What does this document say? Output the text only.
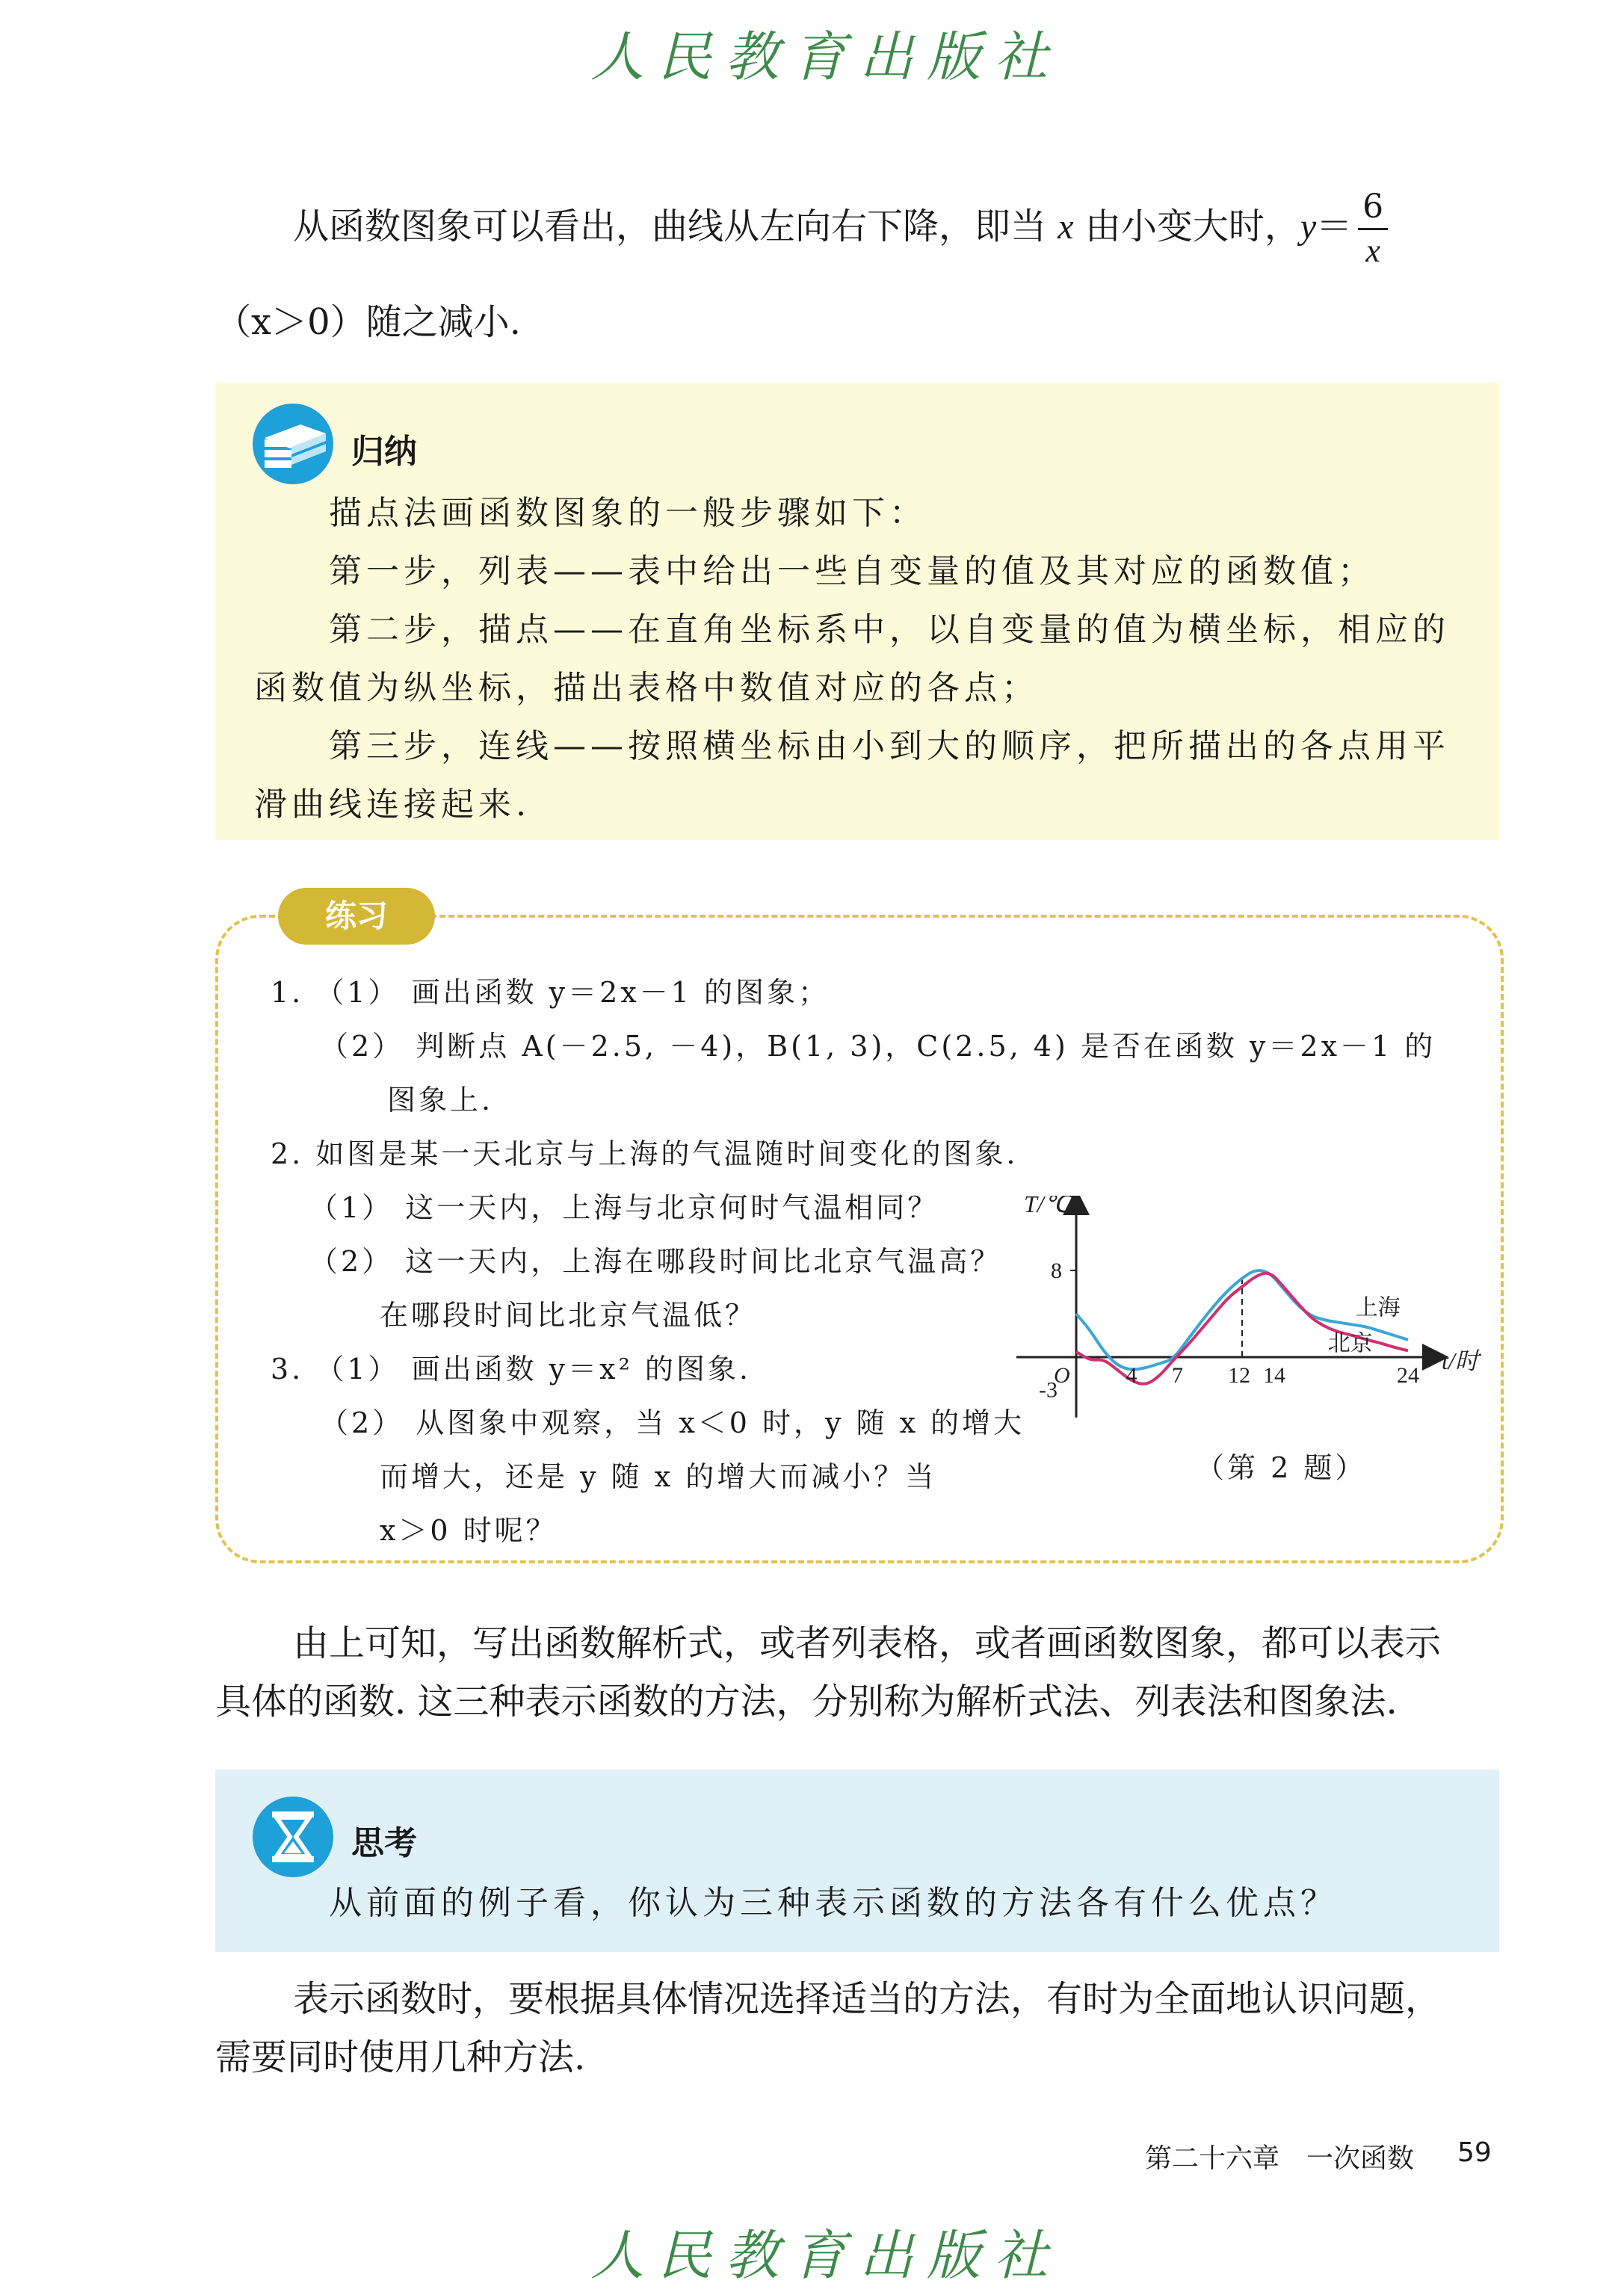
人民教育出版社
从函数图象可以看出，曲线从左向右下降，即当 x 由小变大时，$y= \frac{6}{x}$
（x＞0）随之减小.
归纳
描点法画函数图象的一般步骤如下：
第一步，列表——表中给出一些自变量的值及其对应的函数值；
第二步，描点——在直角坐标系中，以自变量的值为横坐标，相应的
函数值为纵坐标，描出表格中数值对应的各点；
第三步，连线——按照横坐标由小到大的顺序，把所描出的各点用平
滑曲线连接起来.
练习
1. （1） 画出函数 y＝2x－1 的图象；
（2） 判断点 A(－2.5, －4)，B(1, 3)，C(2.5, 4) 是否在函数 y＝2x－1 的
图象上.
2. 如图是某一天北京与上海的气温随时间变化的图象.
（1） 这一天内，上海与北京何时气温相同？
（2） 这一天内，上海在哪段时间比北京气温高？
在哪段时间比北京气温低？
3. （1） 画出函数 y＝x² 的图象.
（2） 从图象中观察，当 x＜0 时，y 随 x 的增大
而增大，还是 y 随 x 的增大而减小？当
x＞0 时呢？
T/℃
t/时
O
8
-3
4 7 12 14	24
上海
北京
（第 2 题）
由上可知，写出函数解析式，或者列表格，或者画函数图象，都可以表示
具体的函数. 这三种表示函数的方法，分别称为解析式法、列表法和图象法.
思考
从前面的例子看，你认为三种表示函数的方法各有什么优点？
表示函数时，要根据具体情况选择适当的方法，有时为全面地认识问题，
需要同时使用几种方法.
第二十六章　一次函数 59
人民教育出版社
